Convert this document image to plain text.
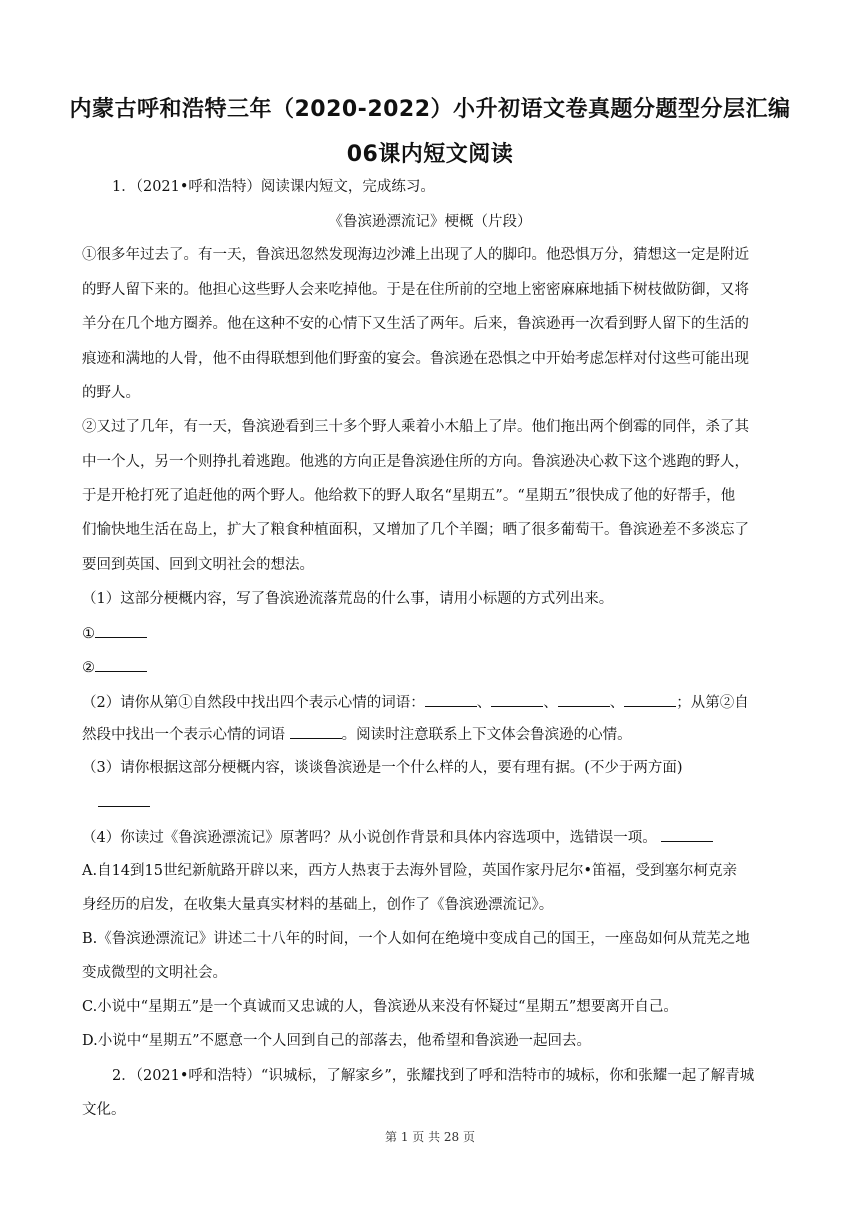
内蒙古呼和浩特三年（2020-2022）小升初语文卷真题分题型分层汇编
06课内短文阅读
1．（2021•呼和浩特）阅读课内短文，完成练习。
《鲁滨逊漂流记》梗概（片段）
①很多年过去了。有一天，鲁滨迅忽然发现海边沙滩上出现了人的脚印。他恐惧万分，猜想这一定是附近
的野人留下来的。他担心这些野人会来吃掉他。于是在住所前的空地上密密麻麻地插下树枝做防御，又将
羊分在几个地方圈养。他在这种不安的心情下又生活了两年。后来，鲁滨逊再一次看到野人留下的生活的
痕迹和满地的人骨，他不由得联想到他们野蛮的宴会。鲁滨逊在恐惧之中开始考虑怎样对付这些可能出现
的野人。
②又过了几年，有一天，鲁滨逊看到三十多个野人乘着小木船上了岸。他们拖出两个倒霉的同伴，杀了其
中一个人，另一个则挣扎着逃跑。他逃的方向正是鲁滨逊住所的方向。鲁滨逊决心救下这个逃跑的野人，
于是开枪打死了追赶他的两个野人。他给救下的野人取名“星期五”。“星期五”很快成了他的好帮手，他
们愉快地生活在岛上，扩大了粮食种植面积，又增加了几个羊圈；晒了很多葡萄干。鲁滨逊差不多淡忘了
要回到英国、回到文明社会的想法。
（1）这部分梗概内容，写了鲁滨逊流落荒岛的什么事，请用小标题的方式列出来。
①
②
（2）请你从第①自然段中找出四个表示心情的词语：	、	、	、	；从第②自
然段中找出一个表示心情的词语	。阅读时注意联系上下文体会鲁滨逊的心情。
（3）请你根据这部分梗概内容，谈谈鲁滨逊是一个什么样的人，要有理有据。(不少于两方面)
（4）你读过《鲁滨逊漂流记》原著吗？从小说创作背景和具体内容选项中，选错误一项。
A.自14到15世纪新航路开辟以来，西方人热衷于去海外冒险，英国作家丹尼尔•笛福，受到塞尔柯克亲
身经历的启发，在收集大量真实材料的基础上，创作了《鲁滨逊漂流记》。
B.《鲁滨逊漂流记》讲述二十八年的时间，一个人如何在绝境中变成自己的国王，一座岛如何从荒芜之地
变成微型的文明社会。
C.小说中“星期五”是一个真诚而又忠诚的人，鲁滨逊从来没有怀疑过“星期五”想要离开自己。
D.小说中“星期五”不愿意一个人回到自己的部落去，他希望和鲁滨逊一起回去。
2．（2021•呼和浩特）“识城标，了解家乡”，张耀找到了呼和浩特市的城标，你和张耀一起了解青城
文化。
第 1 页 共 28 页
